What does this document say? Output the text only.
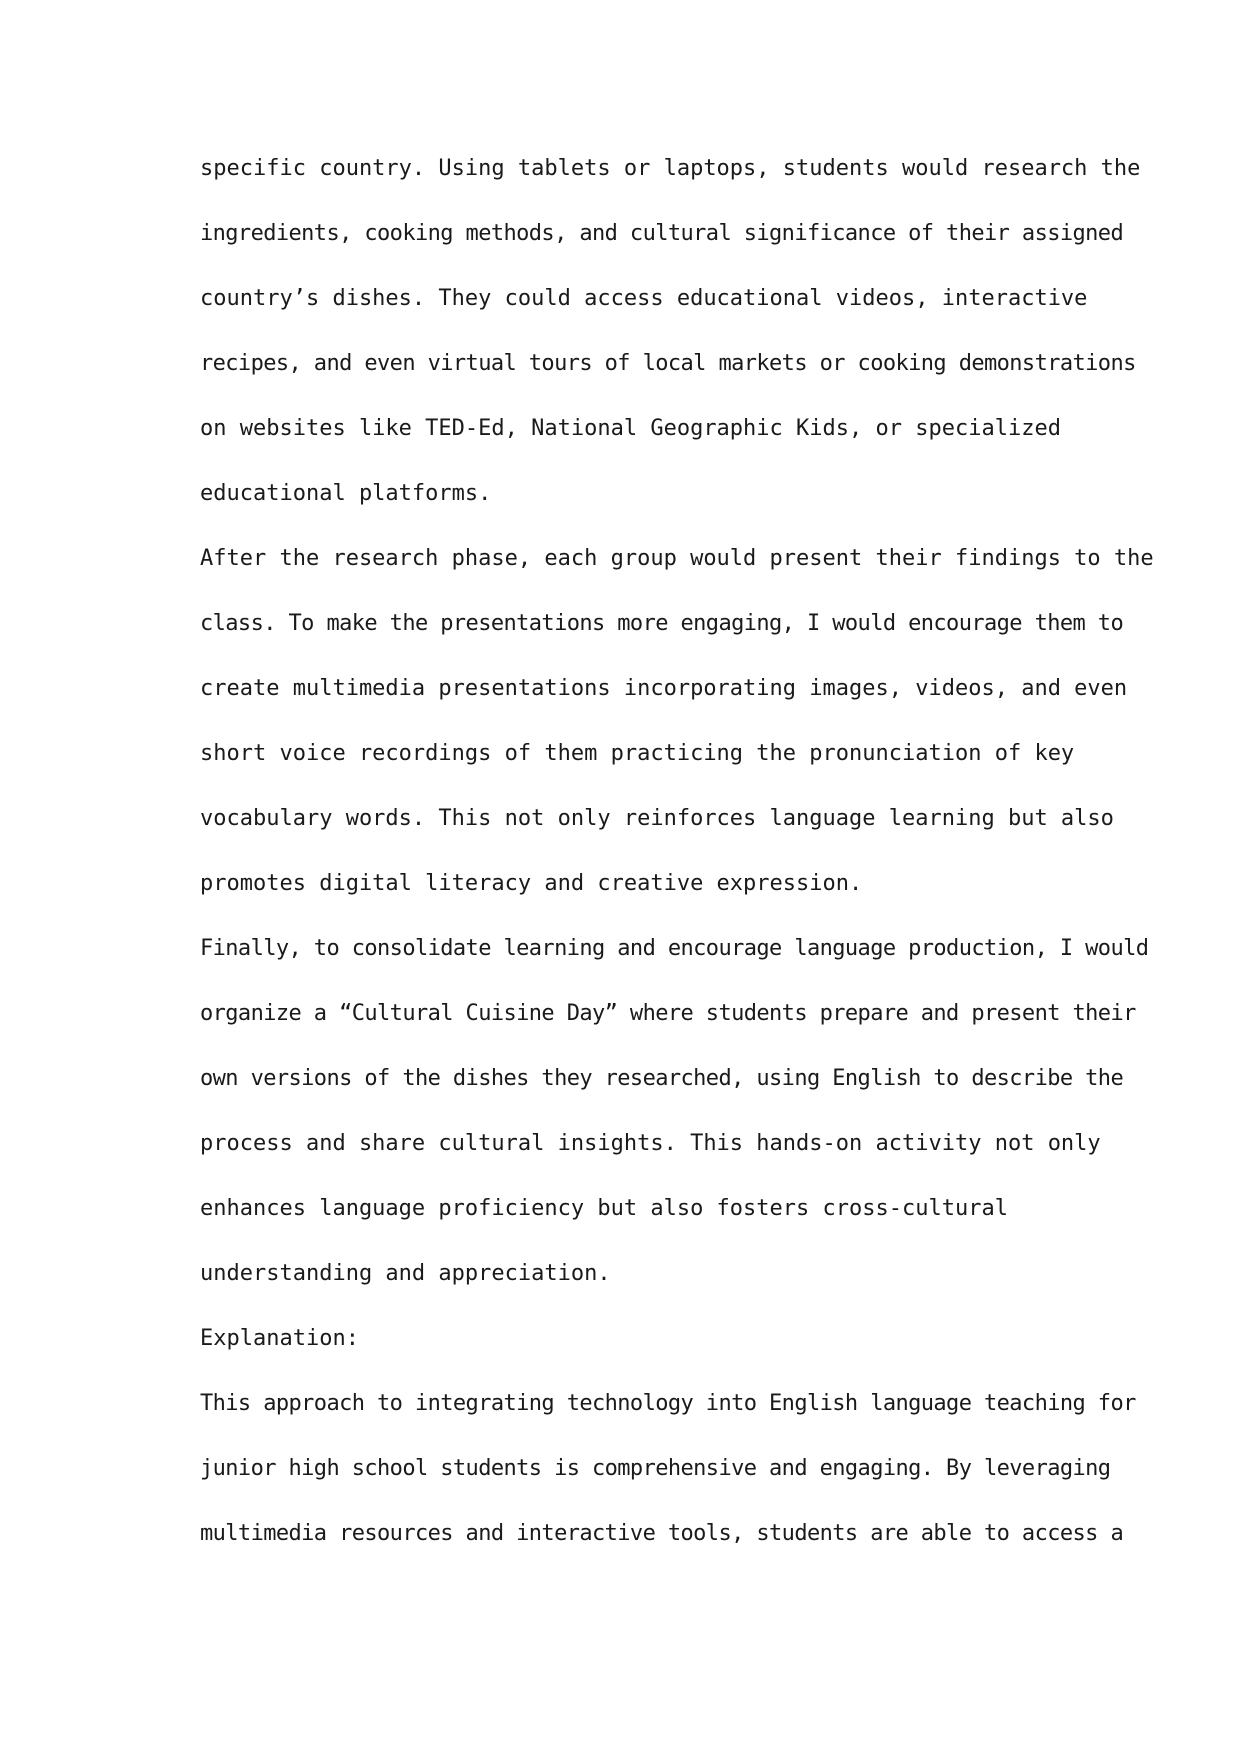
specific country. Using tablets or laptops, students would research the
ingredients, cooking methods, and cultural significance of their assigned
country’s dishes. They could access educational videos, interactive
recipes, and even virtual tours of local markets or cooking demonstrations
on websites like TED-Ed, National Geographic Kids, or specialized
educational platforms.
After the research phase, each group would present their findings to the
class. To make the presentations more engaging, I would encourage them to
create multimedia presentations incorporating images, videos, and even
short voice recordings of them practicing the pronunciation of key
vocabulary words. This not only reinforces language learning but also
promotes digital literacy and creative expression.
Finally, to consolidate learning and encourage language production, I would
organize a “Cultural Cuisine Day” where students prepare and present their
own versions of the dishes they researched, using English to describe the
process and share cultural insights. This hands-on activity not only
enhances language proficiency but also fosters cross-cultural
understanding and appreciation.
Explanation:
This approach to integrating technology into English language teaching for
junior high school students is comprehensive and engaging. By leveraging
multimedia resources and interactive tools, students are able to access a
